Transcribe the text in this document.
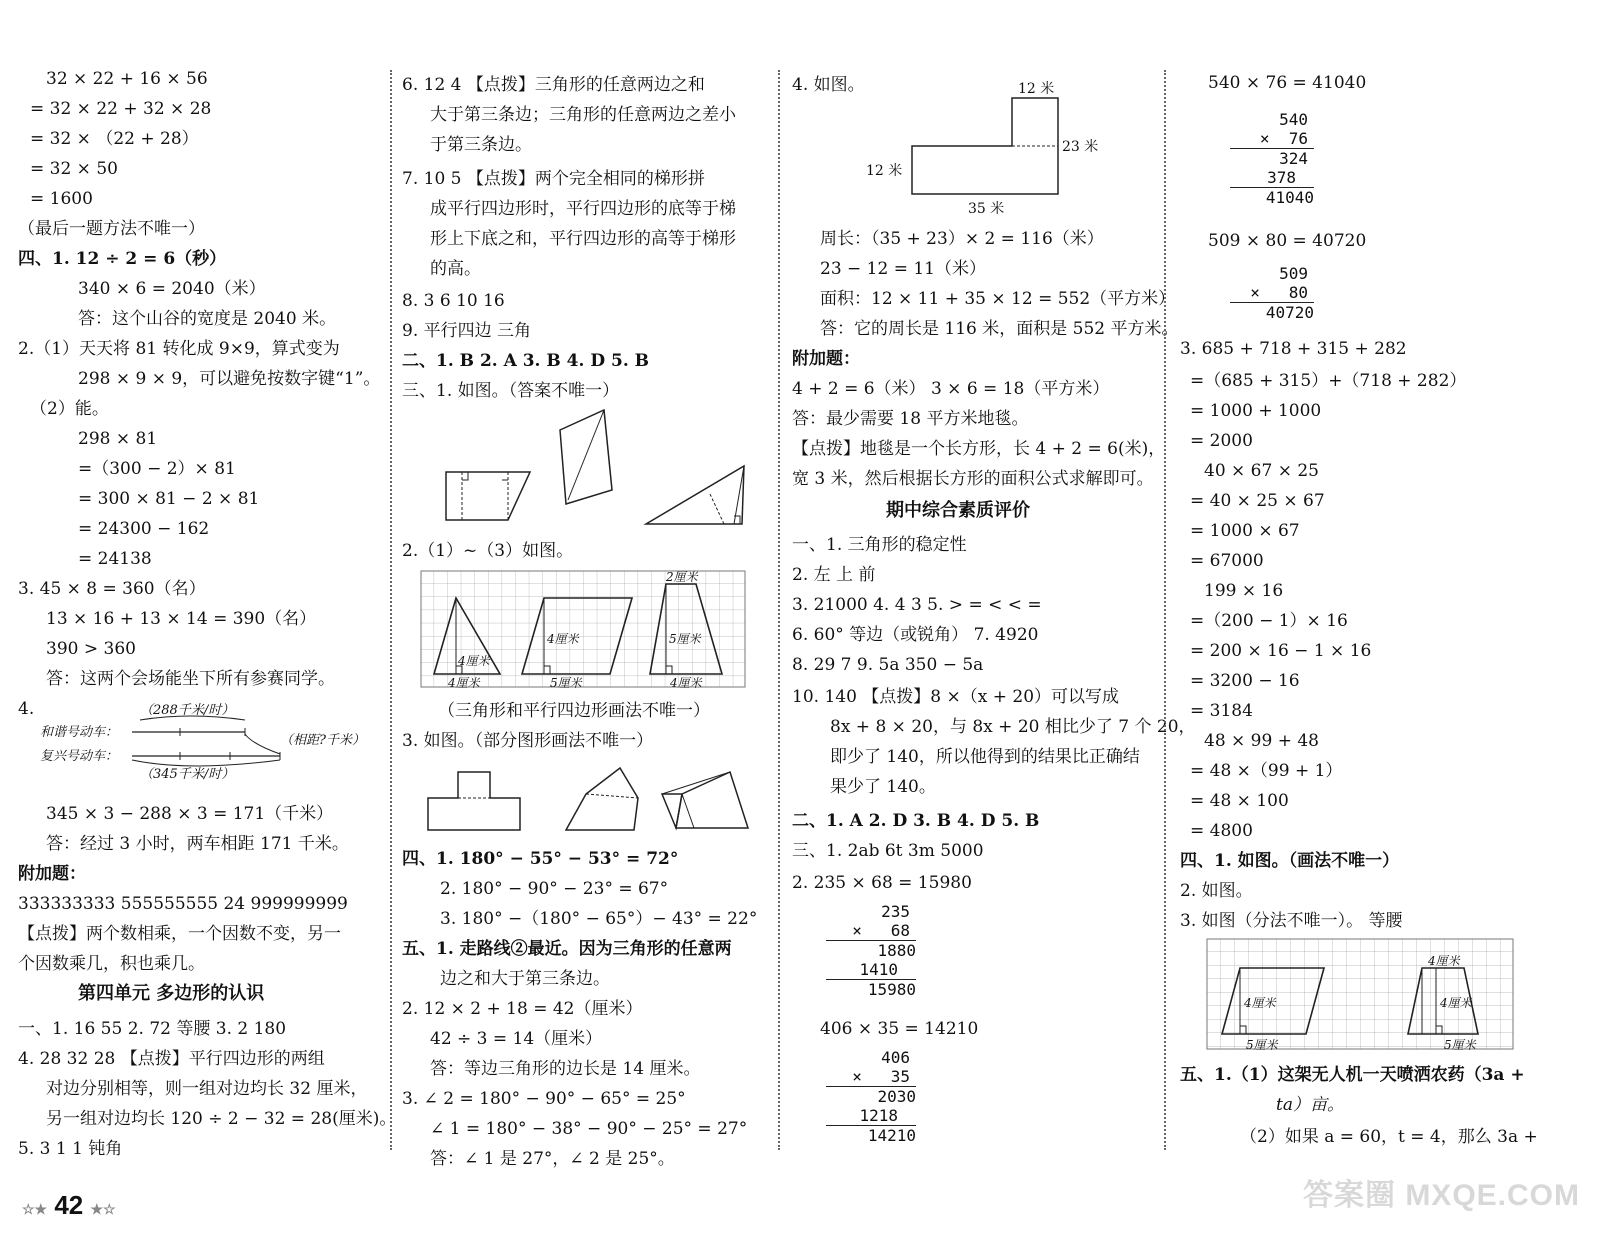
32 × 22 + 16 × 56
= 32 × 22 + 32 × 28
= 32 × （22 + 28）
= 32 × 50
= 1600
（最后一题方法不唯一）
四、1. 12 ÷ 2 = 6（秒）
340 × 6 = 2040（米）
答：这个山谷的宽度是 2040 米。
2.（1）天天将 81 转化成 9×9，算式变为
298 × 9 × 9，可以避免按数字键“1”。
（2）能。
298 × 81
=（300 − 2）× 81
= 300 × 81 − 2 × 81
= 24300 − 162
= 24138
3. 45 × 8 = 360（名）
13 × 16 + 13 × 14 = 390（名）
390 > 360
答：这两个会场能坐下所有参赛同学。
4.	（288千米/时）
和谐号动车：
复兴号动车：
（相距?千米）
（345千米/时）
345 × 3 − 288 × 3 = 171（千米）
答：经过 3 小时，两车相距 171 千米。
附加题：
333333333 555555555 24 999999999
【点拨】两个数相乘，一个因数不变，另一
个因数乘几，积也乘几。
第四单元 多边形的认识
一、1. 16 55 2. 72 等腰 3. 2 180
4. 28 32 28 【点拨】平行四边形的两组
对边分别相等，则一组对边均长 32 厘米，
另一组对边均长 120 ÷ 2 − 32 = 28(厘米)。
5. 3 1 1 钝角
6. 12 4 【点拨】三角形的任意两边之和
大于第三条边；三角形的任意两边之差小
于第三条边。
7. 10 5 【点拨】两个完全相同的梯形拼
成平行四边形时，平行四边形的底等于梯
形上下底之和，平行四边形的高等于梯形
的高。
8. 3 6 10 16
9. 平行四边 三角
二、1. B 2. A 3. B 4. D 5. B
三、1. 如图。（答案不唯一）
2.（1）~（3）如图。
4厘米
4厘米
4厘米
5厘米
2厘米
5厘米
4厘米
（三角形和平行四边形画法不唯一）
3. 如图。（部分图形画法不唯一）
四、1. 180° − 55° − 53° = 72°
2. 180° − 90° − 23° = 67°
3. 180° −（180° − 65°）− 43° = 22°
五、1. 走路线②最近。因为三角形的任意两
边之和大于第三条边。
2. 12 × 2 + 18 = 42（厘米）
42 ÷ 3 = 14（厘米）
答：等边三角形的边长是 14 厘米。
3. ∠ 2 = 180° − 90° − 65° = 25°
∠ 1 = 180° − 38° − 90° − 25° = 27°
答：∠ 1 是 27°，∠ 2 是 25°。
4. 如图。	12 米
23 米
12 米
35 米
周长：（35 + 23）× 2 = 116（米）
23 − 12 = 11（米）
面积：12 × 11 + 35 × 12 = 552（平方米）
答：它的周长是 116 米，面积是 552 平方米。
附加题：
4 + 2 = 6（米） 3 × 6 = 18（平方米）
答：最少需要 18 平方米地毯。
【点拨】地毯是一个长方形，长 4 + 2 = 6(米)，
宽 3 米，然后根据长方形的面积公式求解即可。
期中综合素质评价
一、1. 三角形的稳定性
2. 左 上 前
3. 21000 4. 4 3 5. > = < < =
6. 60° 等边（或锐角） 7. 4920
8. 29 7 9. 5a 350 − 5a
10. 140 【点拨】8 ×（x + 20）可以写成
8x + 8 × 20，与 8x + 20 相比少了 7 个 20，
即少了 140，所以他得到的结果比正确结
果少了 140。
二、1. A 2. D 3. B 4. D 5. B
三、1. 2ab 6t 3m 5000
2. 235 × 68 = 15980
235
×   68
1880
1410
15980
406 × 35 = 14210
406
×   35
2030
1218
14210
540 × 76 = 41040
540
×  76
324
378
41040
509 × 80 = 40720
509
×   80
40720
3. 685 + 718 + 315 + 282
=（685 + 315）+（718 + 282）
= 1000 + 1000
= 2000
40 × 67 × 25
= 40 × 25 × 67
= 1000 × 67
= 67000
199 × 16
=（200 − 1）× 16
= 200 × 16 − 1 × 16
= 3200 − 16
= 3184
48 × 99 + 48
= 48 ×（99 + 1）
= 48 × 100
= 4800
四、1. 如图。（画法不唯一）
2. 如图。
3. 如图（分法不唯一）。 等腰
4厘米
5厘米
4厘米
4厘米
5厘米
五、1.（1）这架无人机一天喷洒农药（3a +
ta）亩。
（2）如果 a = 60，t = 4，那么 3a +
☆★ 42 ★☆	答案圈 MXQE.COM
